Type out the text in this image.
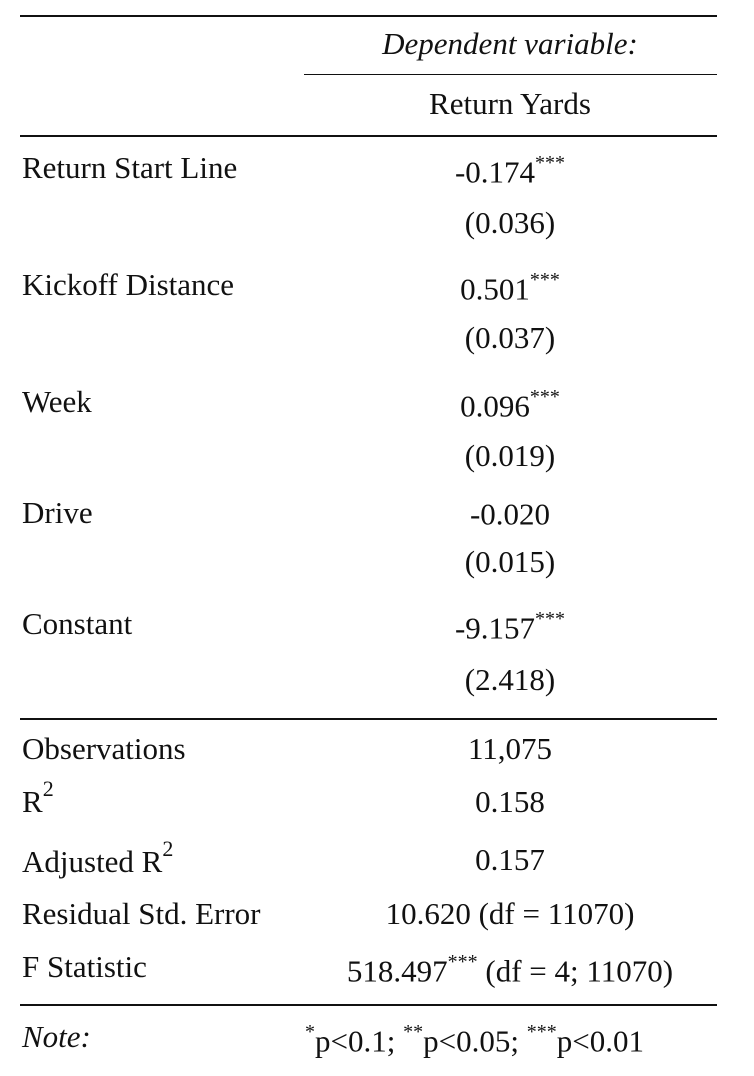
Dependent variable:
Return Yards
Return Start Line	-0.174***
(0.036)
Kickoff Distance	0.501***
(0.037)
Week	0.096***
(0.019)
Drive	-0.020
(0.015)
Constant	-9.157***
(2.418)
Observations	11,075
$R^2$	0.158
Adjusted $R^2$	0.157
Residual Std. Error	10.620 (df = 11070)
F Statistic	518.497*** (df = 4; 11070)
Note:	*p<0.1; **p<0.05; ***p<0.01
